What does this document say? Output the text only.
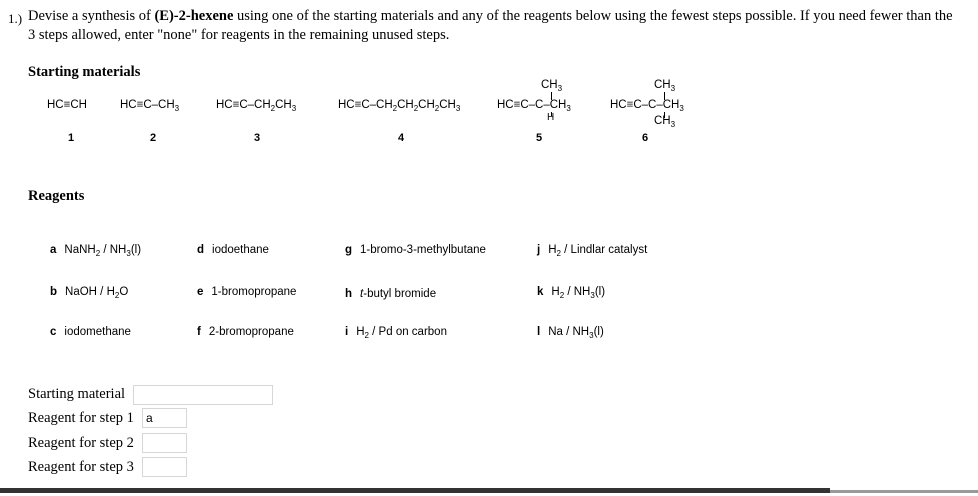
1.) Devise a synthesis of (E)-2-hexene using one of the starting materials and any of the reagents below using the fewest steps possible. If you need fewer than the 3 steps allowed, enter "none" for reagents in the remaining unused steps.
Starting materials
HC≡CH
1
$HC\equiv C-CH_3$
2
$HC\equiv C-CH_2CH_3$
3
$HC\equiv C-CH_2CH_2CH_2CH_3$
4
$CH_3$
$HC\equiv C-C-CH_3$
H
5
$CH_3$
$HC\equiv C-C-CH_3$
$CH_3$
6
Reagents
a NaNH$_2$ / $NH_3(l)$
b NaOH / $H_2O$
c iodomethane
d iodoethane
e 1-bromopropane
f 2-bromopropane
g 1-bromo-3-methylbutane
h t-butyl bromide
i $H_2$ / Pd on carbon
j $H_2$ / Lindlar catalyst
k $H_2 / NH_3(l)$
l Na / $NH_3(l)$
Starting material
Reagent for step 1
a
Reagent for step 2
Reagent for step 3
